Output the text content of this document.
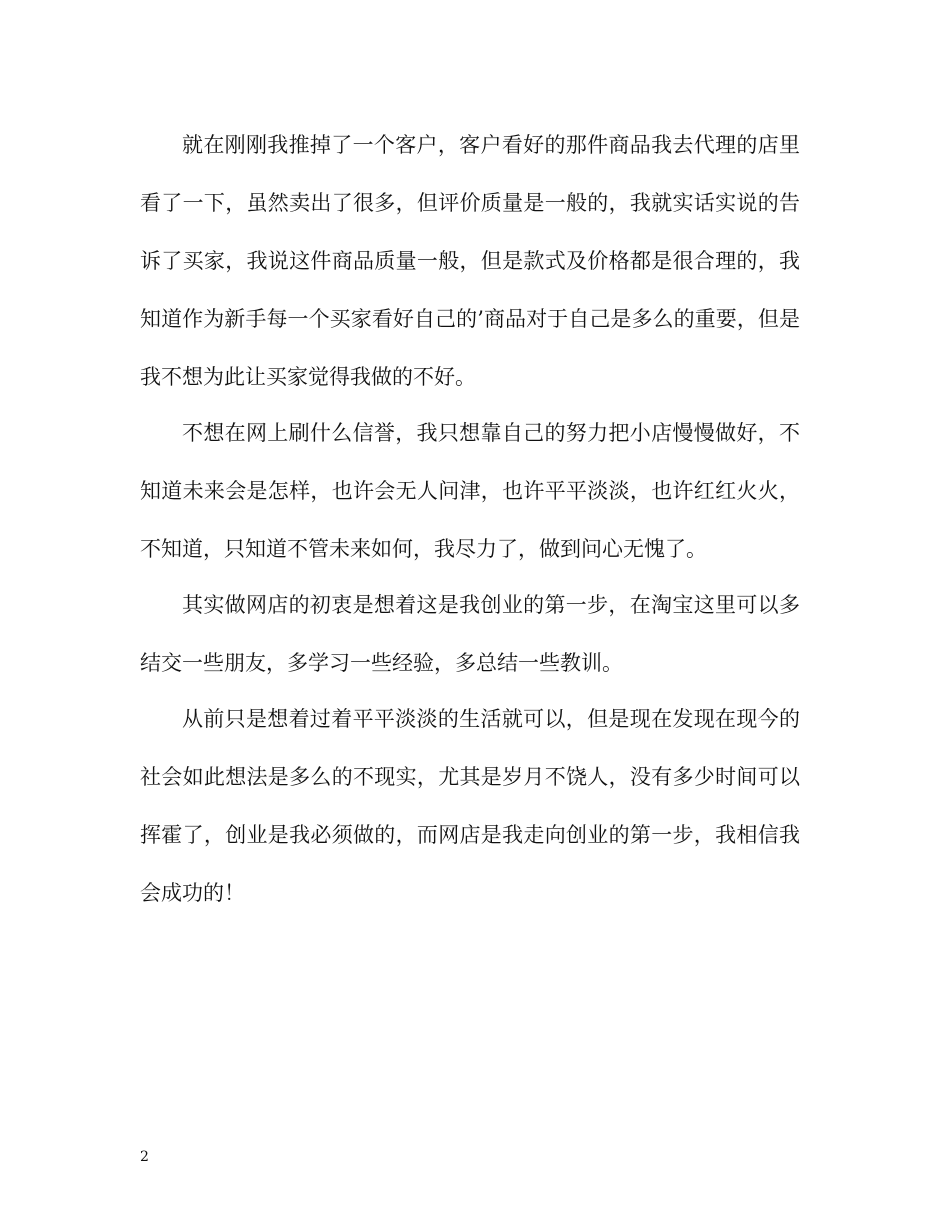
就在刚刚我推掉了一个客户，客户看好的那件商品我去代理的店里看了一下，虽然卖出了很多，但评价质量是一般的，我就实话实说的告诉了买家，我说这件商品质量一般，但是款式及价格都是很合理的，我知道作为新手每一个买家看好自己的’商品对于自己是多么的重要，但是我不想为此让买家觉得我做的不好。

不想在网上刷什么信誉，我只想靠自己的努力把小店慢慢做好，不知道未来会是怎样，也许会无人问津，也许平平淡淡，也许红红火火，不知道，只知道不管未来如何，我尽力了，做到问心无愧了。

其实做网店的初衷是想着这是我创业的第一步，在淘宝这里可以多结交一些朋友，多学习一些经验，多总结一些教训。

从前只是想着过着平平淡淡的生活就可以，但是现在发现在现今的社会如此想法是多么的不现实，尤其是岁月不饶人，没有多少时间可以挥霍了，创业是我必须做的，而网店是我走向创业的第一步，我相信我会成功的！

2
